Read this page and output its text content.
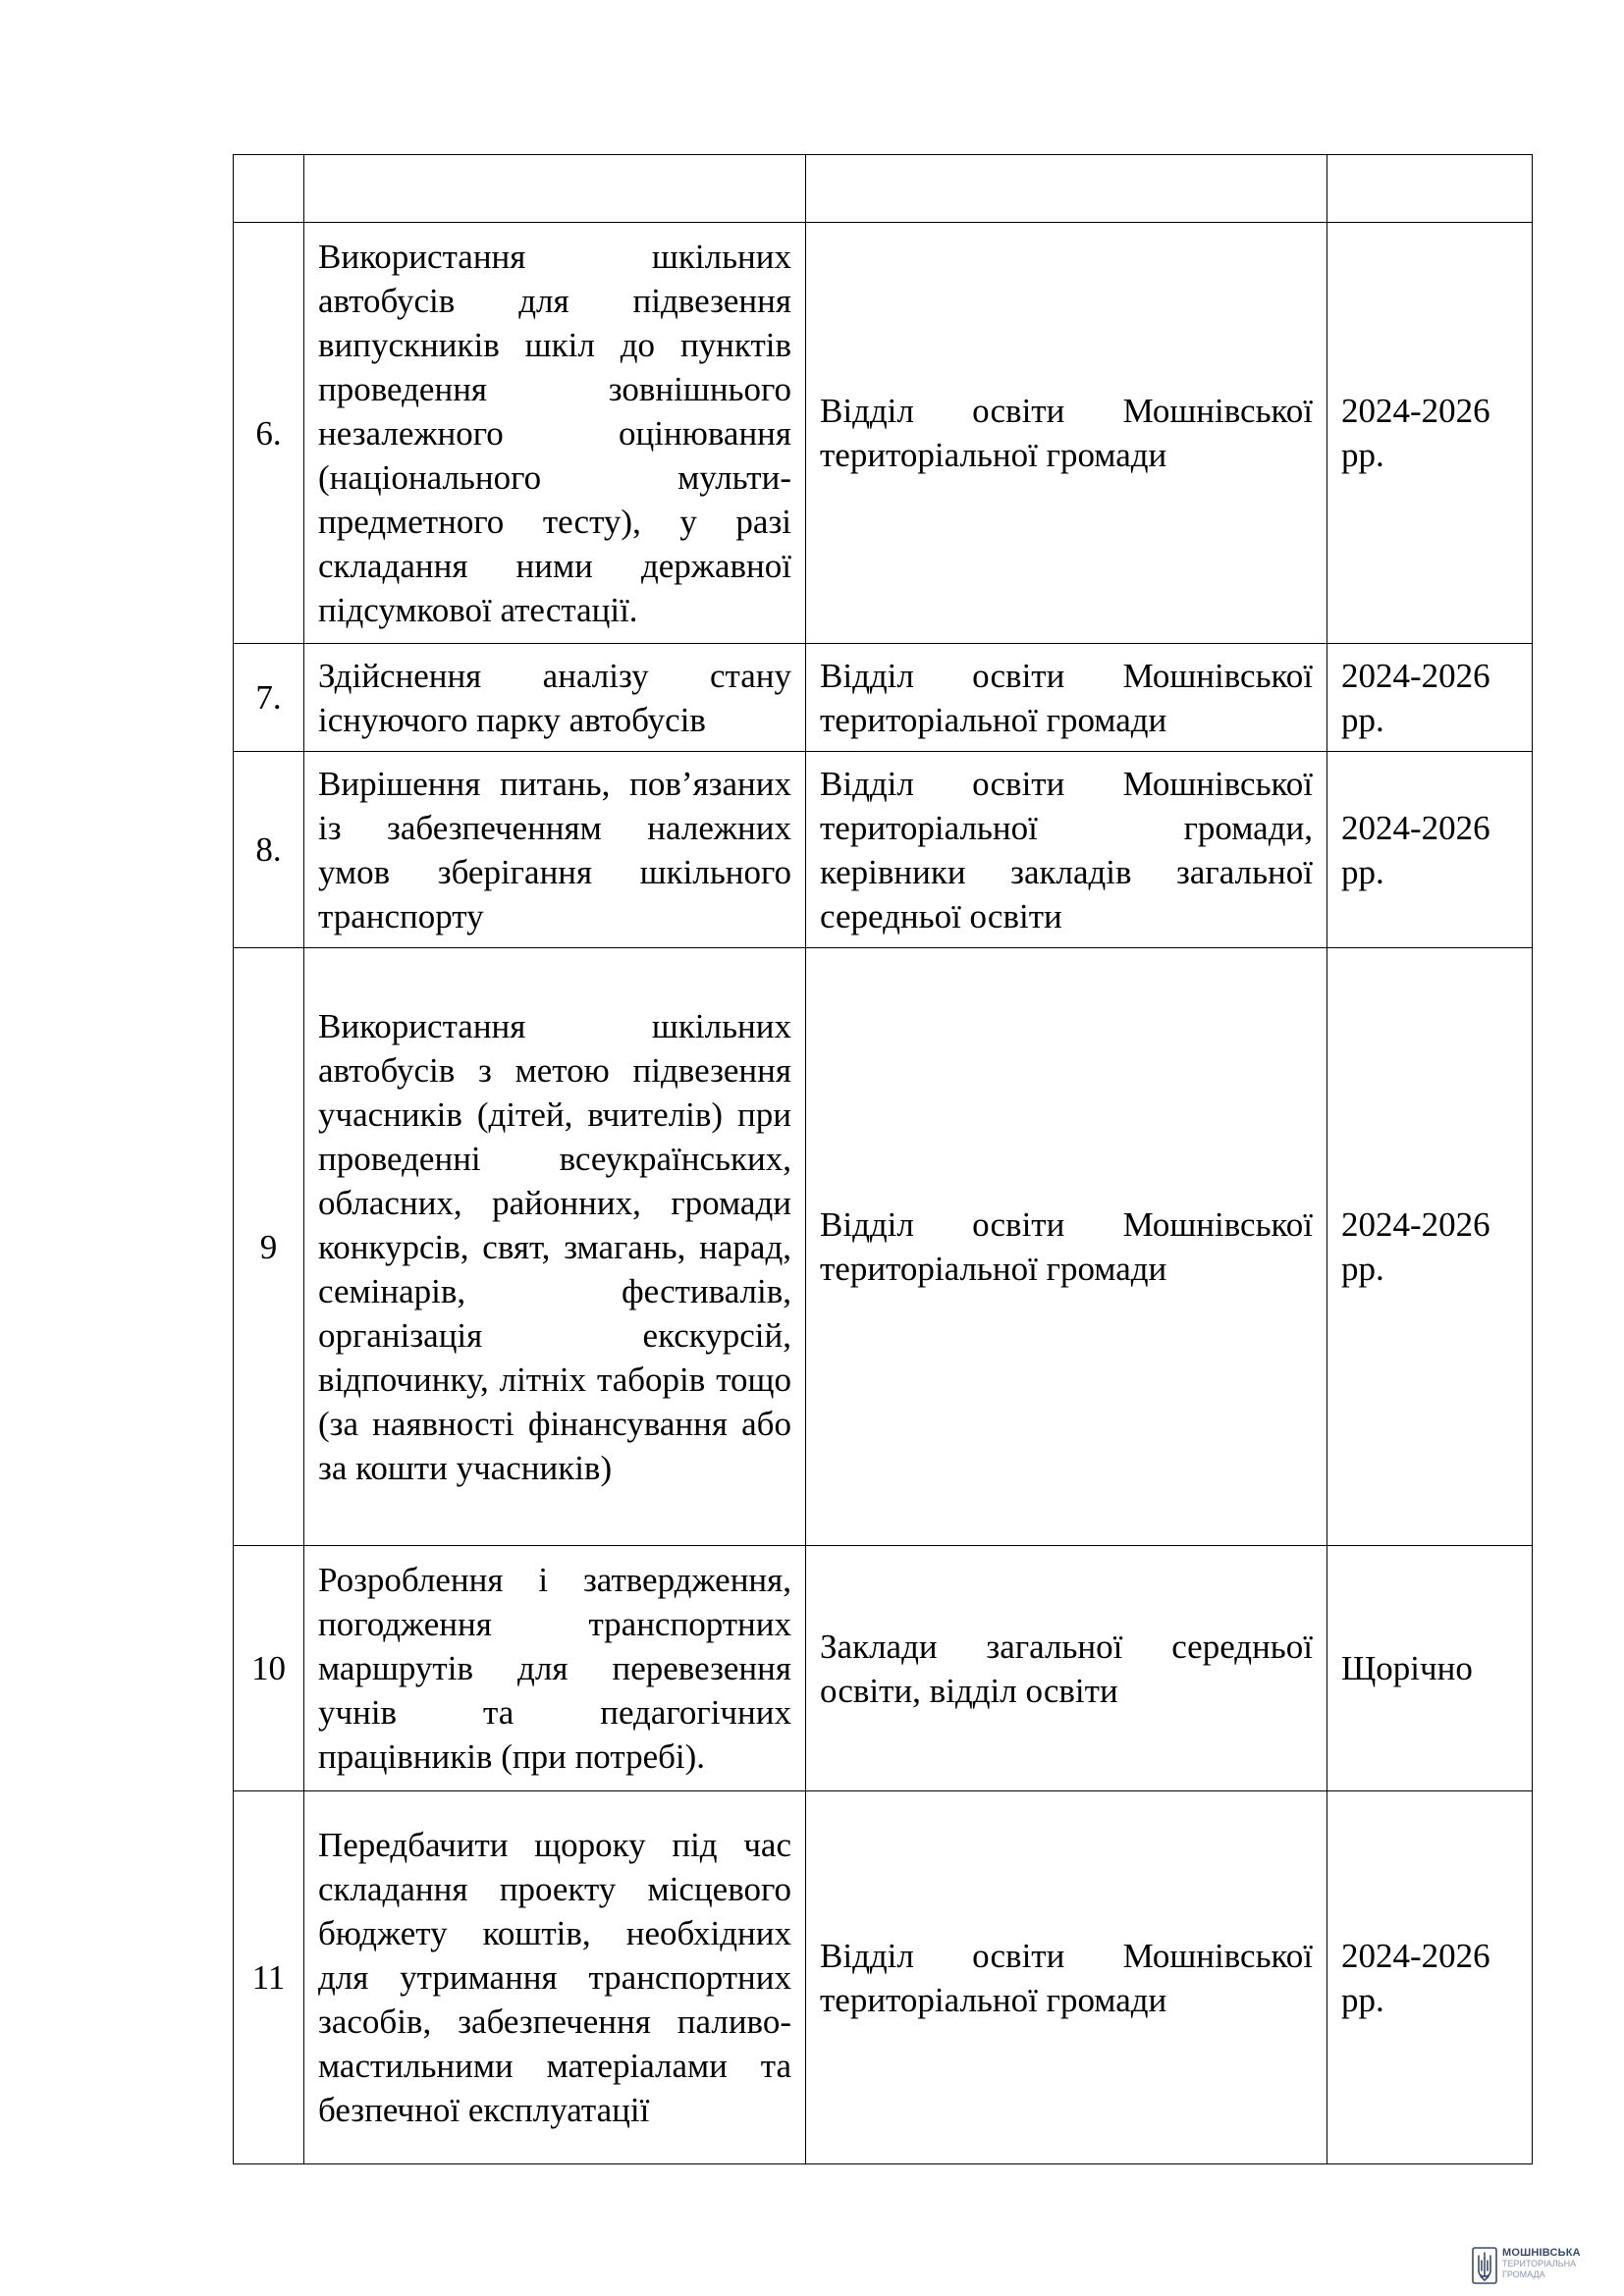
6.	Використання шкільних автобусів для підвезення випускників шкіл до пунктів проведення зовнішнього незалежного оцінювання (національного мульти-предметного тесту), у разі складання ними державної підсумкової атестації.	Відділ освіти Мошнівської територіальної громади	2024-2026 рр.
7.	Здійснення аналізу стану існуючого парку автобусів	Відділ освіти Мошнівської територіальної громади	2024-2026 рр.
8.	Вирішення питань, пов’язаних із забезпеченням належних умов зберігання шкільного транспорту	Відділ освіти Мошнівської територіальної громади, керівники закладів загальної середньої освіти	2024-2026 рр.
9	Використання шкільних автобусів з метою підвезення учасників (дітей, вчителів) при проведенні всеукраїнських, обласних, районних, громади конкурсів, свят, змагань, нарад, семінарів, фестивалів, організація екскурсій, відпочинку, літніх таборів тощо (за наявності фінансування або за кошти учасників)	Відділ освіти Мошнівської територіальної громади	2024-2026 рр.
10	Розроблення і затвердження, погодження транспортних маршрутів для перевезення учнів та педагогічних працівників (при потребі).	Заклади загальної середньої освіти, відділ освіти	Щорічно
11	Передбачити щороку під час складання проекту місцевого бюджету коштів, необхідних для утримання транспортних засобів, забезпечення паливо-мастильними матеріалами та безпечної експлуатації	Відділ освіти Мошнівської територіальної громади	2024-2026 рр.
МОШНІВСЬКА
ТЕРИТОРІАЛЬНА
ГРОМАДА
